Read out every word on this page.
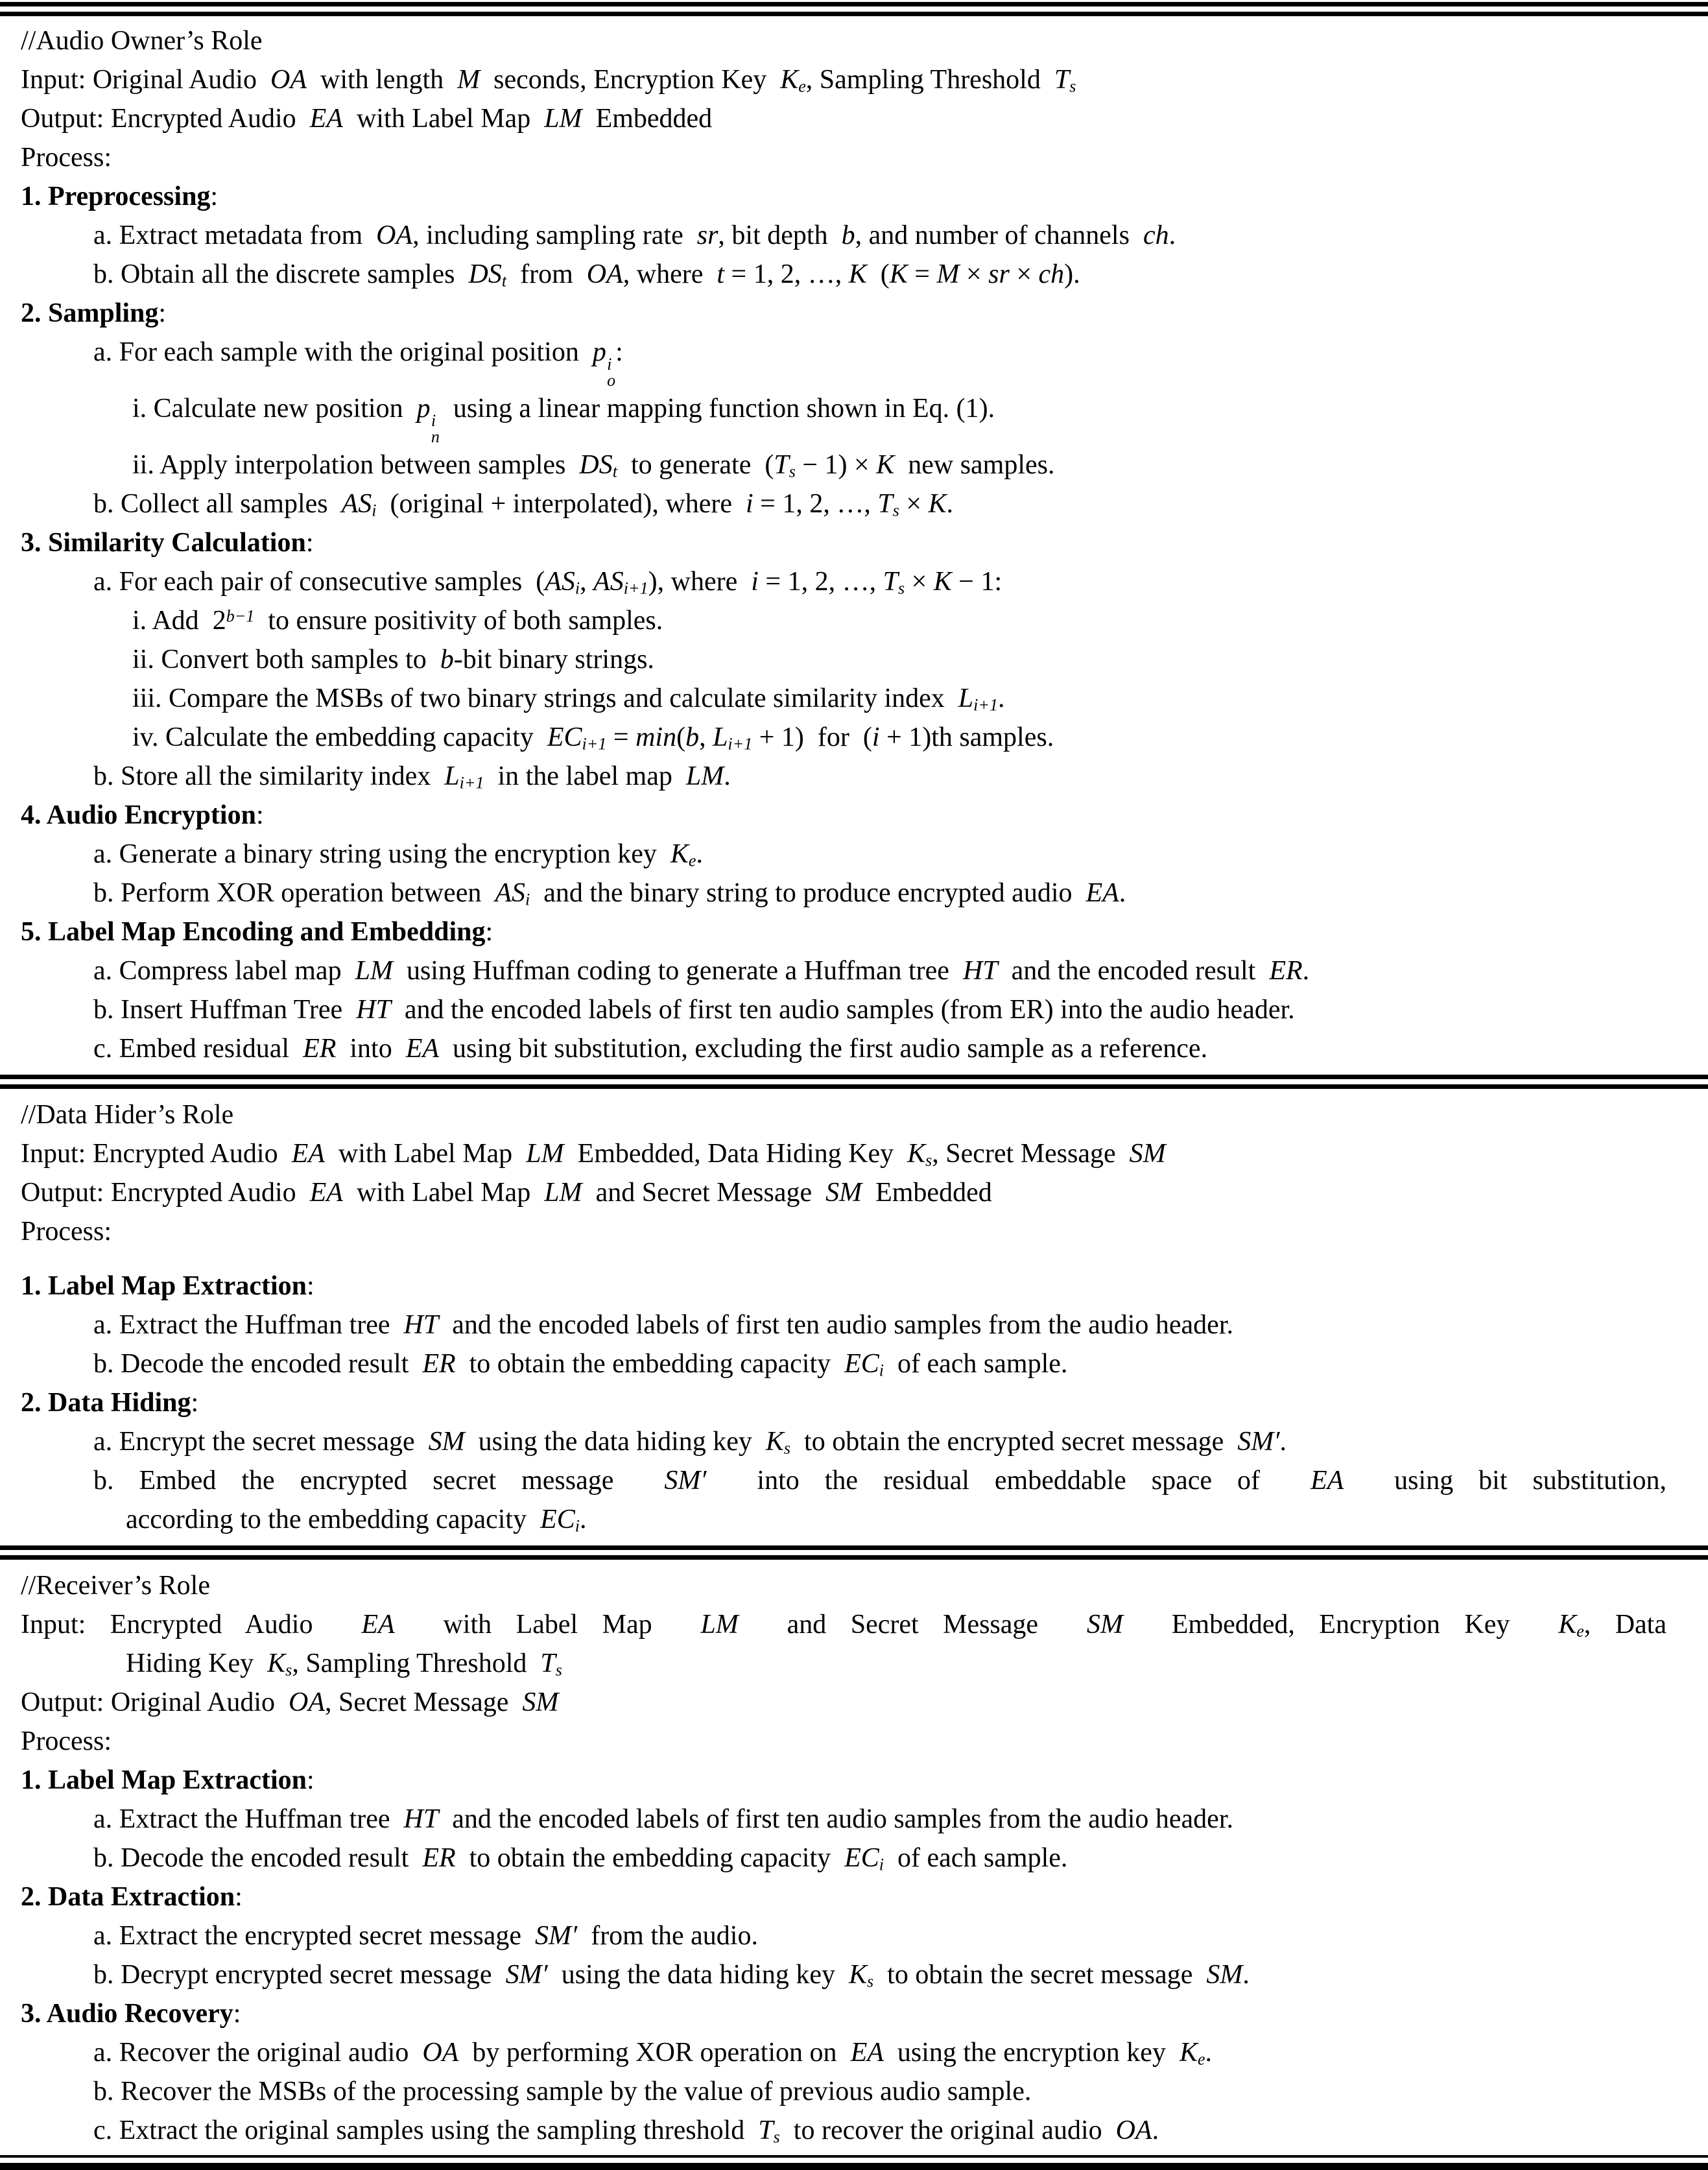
//Audio Owner’s Role
Input: Original Audio  OA  with length  M  seconds, Encryption Key  $K_e$, Sampling Threshold  $T_s$
Output: Encrypted Audio  EA  with Label Map  LM  Embedded
Process:
1. Preprocessing:
a. Extract metadata from  OA, including sampling rate  sr, bit depth  b, and number of channels  ch.
b. Obtain all the discrete samples  $DS_t$  from  OA, where  t = 1, 2, …, K  (K = M × sr × ch).
2. Sampling:
a. For each sample with the original position  p i
o
:
i. Calculate new position  p i
n
using a linear mapping function shown in Eq. (1).
ii. Apply interpolation between samples  $DS_t$  to generate  $(T_s - 1) \times K$  new samples.
b. Collect all samples  $AS_i$  (original + interpolated), where  i = 1, 2, …, $T_s \times K$.
3. Similarity Calculation:
a. For each pair of consecutive samples  ($AS_i$, $AS_{i+1}$), where  i = 1, 2, …, $T_s \times K - 1$:
i. Add  $2^{b-1}$  to ensure positivity of both samples.
ii. Convert both samples to  b-bit binary strings.
iii. Compare the MSBs of two binary strings and calculate similarity index  $L_{i+1}$.
iv. Calculate the embedding capacity  $EC_{i+1} = \min(b$, $L_{i+1} + 1$)  for  (i + 1)th samples.
b. Store all the similarity index  $L_{i+1}$  in the label map  LM.
4. Audio Encryption:
a. Generate a binary string using the encryption key  $K_e$.
b. Perform XOR operation between  $AS_i$  and the binary string to produce encrypted audio  EA.
5. Label Map Encoding and Embedding:
a. Compress label map  LM  using Huffman coding to generate a Huffman tree  HT  and the encoded result  ER.
b. Insert Huffman Tree  HT  and the encoded labels of first ten audio samples (from ER) into the audio header.
c. Embed residual  ER  into  EA  using bit substitution, excluding the first audio sample as a reference.
//Data Hider’s Role
Input: Encrypted Audio  EA  with Label Map  LM  Embedded, Data Hiding Key  $K_s$, Secret Message  SM
Output: Encrypted Audio  EA  with Label Map  LM  and Secret Message  SM  Embedded
Process:
1. Label Map Extraction:
a. Extract the Huffman tree  HT  and the encoded labels of first ten audio samples from the audio header.
b. Decode the encoded result  ER  to obtain the embedding capacity  $EC_i$  of each sample.
2. Data Hiding:
a. Encrypt the secret message  SM  using the data hiding key  $K_s$  to obtain the encrypted secret message  SM′.
b. Embed the encrypted secret message  SM′  into the residual embeddable space of  EA  using bit substitution,
according to the embedding capacity  $EC_i$.
//Receiver’s Role
Input: Encrypted Audio  EA  with Label Map  LM  and Secret Message  SM  Embedded, Encryption Key  $K_e$, Data
Hiding Key  $K_s$, Sampling Threshold  $T_s$
Output: Original Audio  OA, Secret Message  SM
Process:
1. Label Map Extraction:
a. Extract the Huffman tree  HT  and the encoded labels of first ten audio samples from the audio header.
b. Decode the encoded result  ER  to obtain the embedding capacity  $EC_i$  of each sample.
2. Data Extraction:
a. Extract the encrypted secret message  SM′  from the audio.
b. Decrypt encrypted secret message  SM′  using the data hiding key  $K_s$  to obtain the secret message  SM.
3. Audio Recovery:
a. Recover the original audio  OA  by performing XOR operation on  EA  using the encryption key  $K_e$.
b. Recover the MSBs of the processing sample by the value of previous audio sample.
c. Extract the original samples using the sampling threshold  $T_s$  to recover the original audio  OA.
